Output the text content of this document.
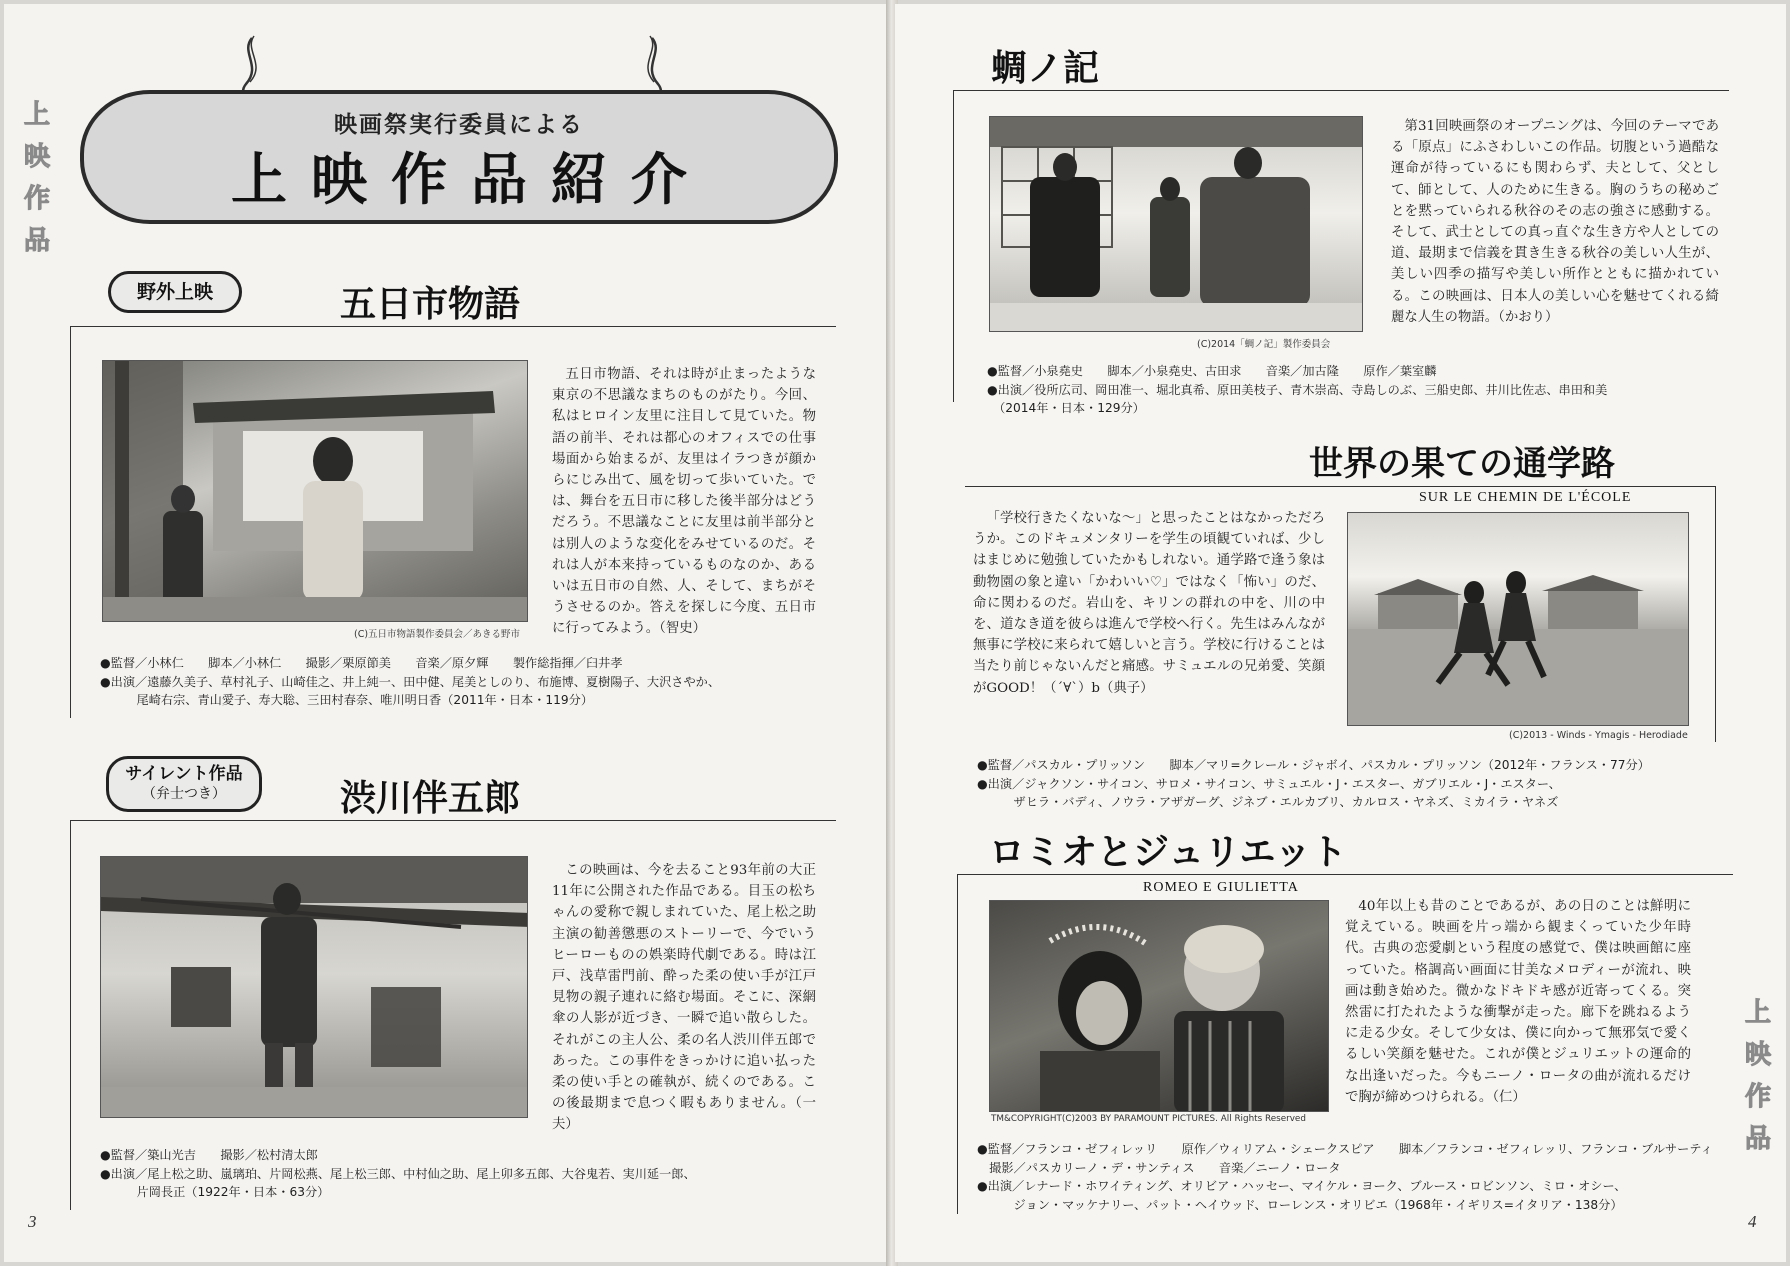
上
映
作
品
映画祭実行委員による
上映作品紹介
野外上映	五日市物語
(C)五日市物語製作委員会／あきる野市

五日市物語、それは時が止まったような東京の不思議なまちのものがたり。今回、私はヒロイン友里に注目して見ていた。物語の前半、それは都心のオフィスでの仕事場面から始まるが、友里はイラつきが顔からにじみ出て、風を切って歩いていた。では、舞台を五日市に移した後半部分はどうだろう。不思議なことに友里は前半部分とは別人のような変化をみせているのだ。それは人が本来持っているものなのか、あるいは五日市の自然、人、そして、まちがそうさせるのか。答えを探しに今度、五日市に行ってみよう。（智史）

●監督／小林仁　　脚本／小林仁　　撮影／栗原節美　　音楽／原夕輝　　製作総指揮／臼井孝
●出演／遠藤久美子、草村礼子、山崎佳之、井上純一、田中健、尾美としのり、布施博、夏樹陽子、大沢さやか、
　　　尾崎右宗、青山愛子、寿大聡、三田村春奈、唯川明日香（2011年・日本・119分）
サイレント作品
（弁士つき）	渋川伴五郎

この映画は、今を去ること93年前の大正11年に公開された作品である。目玉の松ちゃんの愛称で親しまれていた、尾上松之助主演の勧善懲悪のストーリーで、今でいうヒーローものの娯楽時代劇である。時は江戸、浅草雷門前、酔った柔の使い手が江戸見物の親子連れに絡む場面。そこに、深網傘の人影が近づき、一瞬で追い散らした。それがこの主人公、柔の名人渋川伴五郎であった。この事件をきっかけに追い払った柔の使い手との確執が、続くのである。この後最期まで息つく暇もありません。（一夫）

●監督／築山光吉　　撮影／松村清太郎
●出演／尾上松之助、嵐璃珀、片岡松燕、尾上松三郎、中村仙之助、尾上卯多五郎、大谷鬼若、実川延一郎、
　　　片岡長正（1922年・日本・63分）
3
蜩ノ記
(C)2014「蜩ノ記」製作委員会

第31回映画祭のオープニングは、今回のテーマである「原点」にふさわしいこの作品。切腹という過酷な運命が待っているにも関わらず、夫として、父として、師として、人のために生きる。胸のうちの秘めごとを黙っていられる秋谷のその志の強さに感動する。そして、武士としての真っ直ぐな生き方や人としての道、最期まで信義を貫き生きる秋谷の美しい人生が、美しい四季の描写や美しい所作とともに描かれている。この映画は、日本人の美しい心を魅せてくれる綺麗な人生の物語。（かおり）

●監督／小泉堯史　　脚本／小泉堯史、古田求　　音楽／加古隆　　原作／葉室麟
●出演／役所広司、岡田准一、堀北真希、原田美枝子、青木崇高、寺島しのぶ、三船史郎、井川比佐志、串田和美
　（2014年・日本・129分）
世界の果ての通学路
SUR LE CHEMIN DE L'ÉCOLE
(C)2013 - Winds - Ymagis - Herodiade

「学校行きたくないな〜」と思ったことはなかっただろうか。このドキュメンタリーを学生の頃観ていれば、少しはまじめに勉強していたかもしれない。通学路で逢う象は動物園の象と違い「かわいい♡」ではなく「怖い」のだ、命に関わるのだ。岩山を、キリンの群れの中を、川の中を、道なき道を彼らは進んで学校へ行く。先生はみんなが無事に学校に来られて嬉しいと言う。学校に行けることは当たり前じゃないんだと痛感。サミュエルの兄弟愛、笑顔がGOOD！（´∀`）b（典子）

●監督／パスカル・プリッソン　　脚本／マリ=クレール・ジャボイ、パスカル・プリッソン（2012年・フランス・77分）
●出演／ジャクソン・サイコン、サロメ・サイコン、サミュエル・J・エスター、ガブリエル・J・エスター、
　　　ザヒラ・バディ、ノウラ・アザガーグ、ジネブ・エルカブリ、カルロス・ヤネズ、ミカイラ・ヤネズ
ロミオとジュリエット
ROMEO E GIULIETTA
TM&COPYRIGHT(C)2003 BY PARAMOUNT PICTURES. All Rights Reserved

40年以上も昔のことであるが、あの日のことは鮮明に覚えている。映画を片っ端から観まくっていた少年時代。古典の恋愛劇という程度の感覚で、僕は映画館に座っていた。格調高い画面に甘美なメロディーが流れ、映画は動き始めた。微かなドキドキ感が近寄ってくる。突然雷に打たれたような衝撃が走った。廊下を跳ねるように走る少女。そして少女は、僕に向かって無邪気で愛くるしい笑顔を魅せた。これが僕とジュリエットの運命的な出逢いだった。今もニーノ・ロータの曲が流れるだけで胸が締めつけられる。（仁）

●監督／フランコ・ゼフィレッリ　　原作／ウィリアム・シェークスピア　　脚本／フランコ・ゼフィレッリ、フランコ・ブルサーティ
　撮影／パスカリーノ・デ・サンティス　　音楽／ニーノ・ロータ
●出演／レナード・ホワイティング、オリビア・ハッセー、マイケル・ヨーク、ブルース・ロビンソン、ミロ・オシー、
　　　ジョン・マッケナリー、パット・ヘイウッド、ローレンス・オリビエ（1968年・イギリス=イタリア・138分）
上
映
作
品
4
